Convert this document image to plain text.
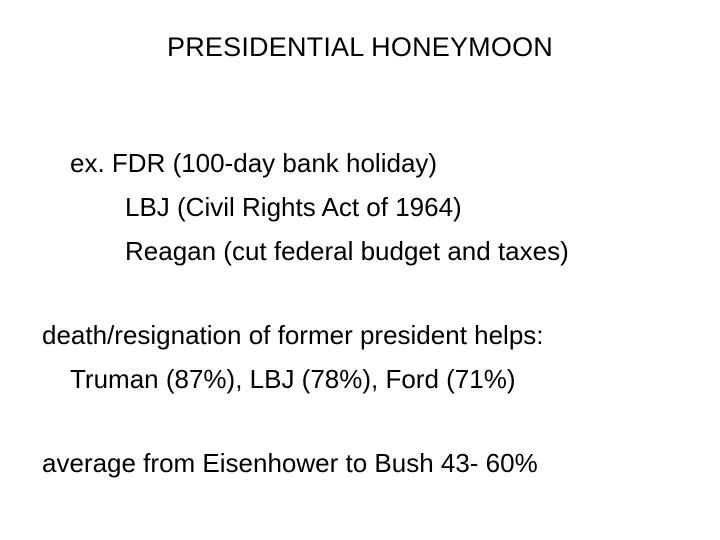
PRESIDENTIAL HONEYMOON
ex. FDR (100-day bank holiday)
LBJ (Civil Rights Act of 1964)
Reagan (cut federal budget and taxes)
death/resignation of former president helps:
Truman (87%), LBJ (78%), Ford (71%)
average from Eisenhower to Bush 43- 60%
